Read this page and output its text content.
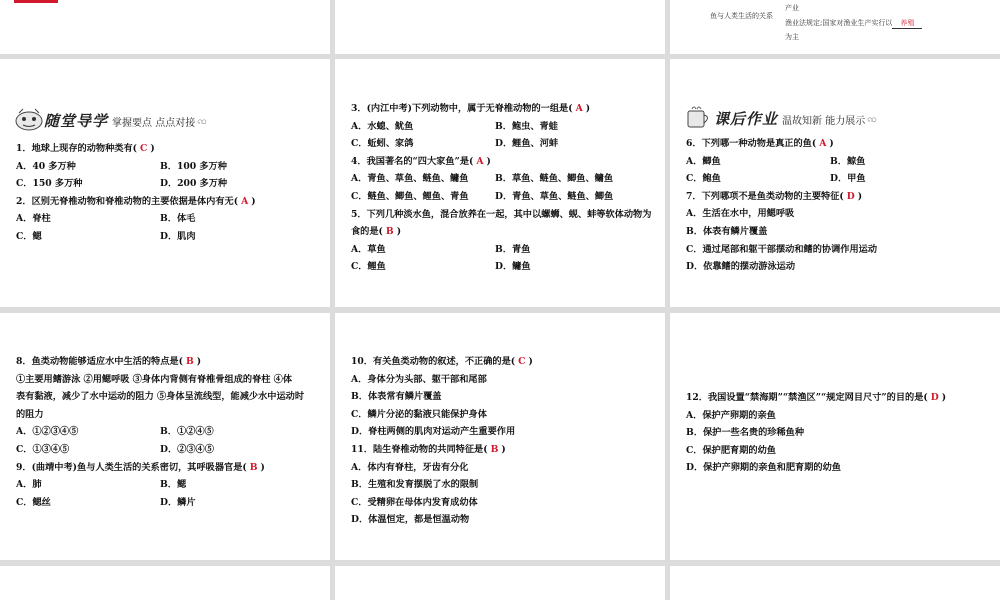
产业
鱼与人类生活的关系
渔业法规定;国家对渔业生产实行以 养殖
为主
随堂导学 掌握要点 点点对接 ꩡ
1．地球上现存的动物种类有( C )
A．40 多万种	B．100 多万种
C．150 多万种	D．200 多万种
2．区别无脊椎动物和脊椎动物的主要依据是体内有无( A )
A．脊柱	B．体毛
C．鳃	D．肌肉
3．(内江中考)下列动物中，属于无脊椎动物的一组是( A )
A．水螅、鱿鱼	B．鲍虫、青蛙
C．蚯蚓、家鸽	D．鲤鱼、河蚌
4．我国著名的“四大家鱼”是( A )
A．青鱼、草鱼、鲢鱼、鳙鱼	B．草鱼、鲢鱼、鲫鱼、鳙鱼
C．鲢鱼、鲫鱼、鲤鱼、青鱼	D．青鱼、草鱼、鲢鱼、鲫鱼
5．下列几种淡水鱼，混合放养在一起，其中以螺蛳、蚬、蚌等软体动物为
食的是( B )
A．草鱼	B．青鱼
C．鲤鱼	D．鳙鱼
课后作业 温故知新 能力展示 ꩡ
6．下列哪一种动物是真正的鱼( A )
A．鲫鱼	B．鲸鱼
C．鲍鱼	D．甲鱼
7．下列哪项不是鱼类动物的主要特征( D )
A．生活在水中，用鳃呼吸
B．体表有鳞片覆盖
C．通过尾部和躯干部摆动和鳍的协调作用运动
D．依靠鳍的摆动游泳运动
8．鱼类动物能够适应水中生活的特点是( B )
①主要用鳍游泳 ②用鳃呼吸 ③身体内背侧有脊椎骨组成的脊柱 ④体
表有黏液，减少了水中运动的阻力 ⑤身体呈流线型，能减少水中运动时
的阻力
A．①②③④⑤	B．①②④⑤
C．①③④⑤	D．②③④⑤
9．(曲靖中考)鱼与人类生活的关系密切，其呼吸器官是( B )
A．肺	B．鳃
C．鳃丝	D．鳞片
10．有关鱼类动物的叙述，不正确的是( C )
A．身体分为头部、躯干部和尾部
B．体表常有鳞片覆盖
C．鳞片分泌的黏液只能保护身体
D．脊柱两侧的肌肉对运动产生重要作用
11．陆生脊椎动物的共同特征是( B )
A．体内有脊柱，牙齿有分化
B．生殖和发育摆脱了水的限制
C．受精卵在母体内发育成幼体
D．体温恒定，都是恒温动物
12．我国设置“禁海期”“禁渔区”“规定网目尺寸”的目的是( D )
A．保护产卵期的亲鱼
B．保护一些名贵的珍稀鱼种
C．保护肥育期的幼鱼
D．保护产卵期的亲鱼和肥育期的幼鱼
